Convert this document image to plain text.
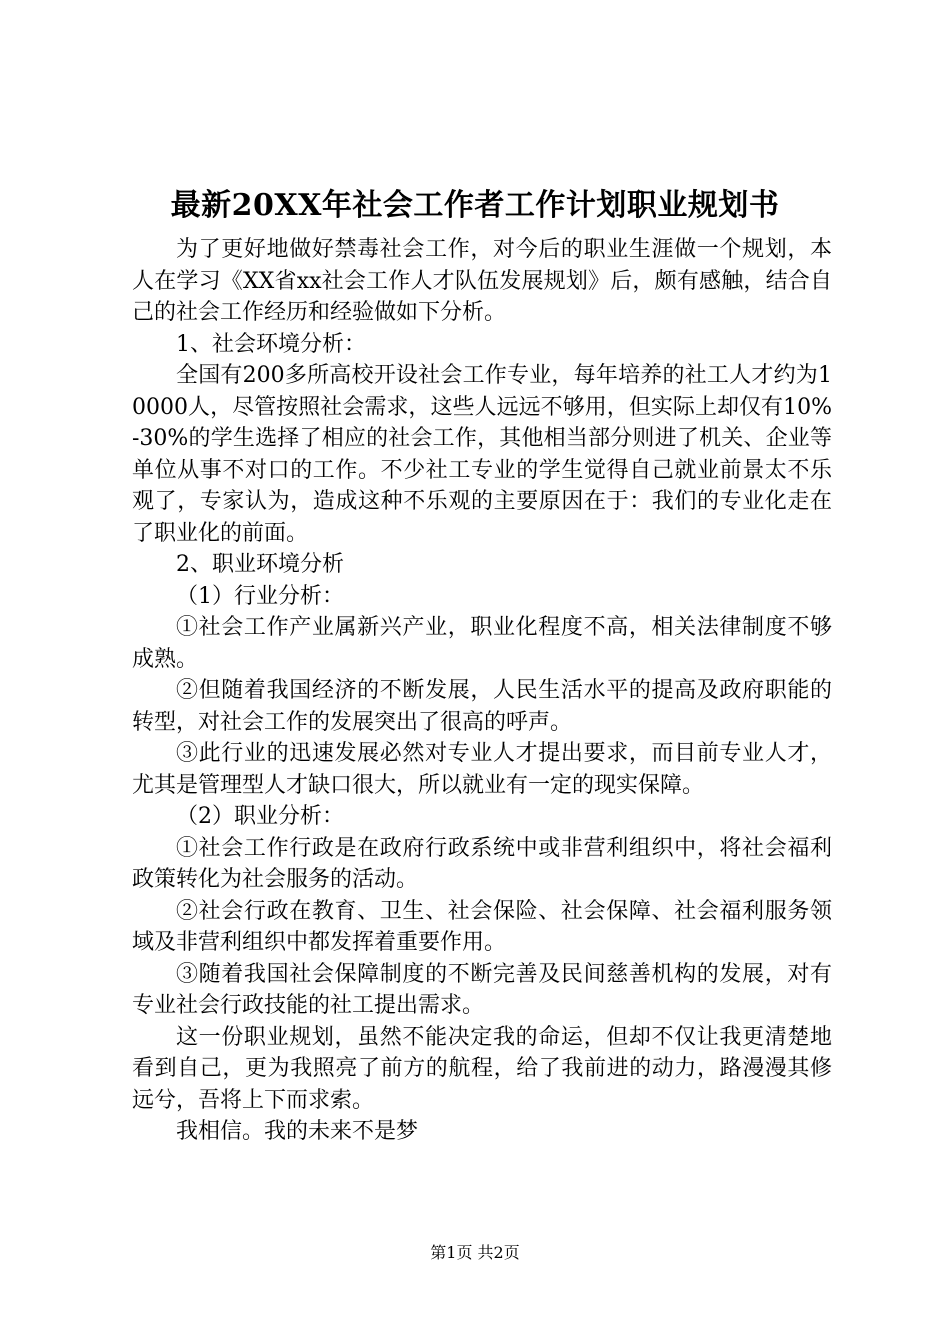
最新20XX年社会工作者工作计划职业规划书

为了更好地做好禁毒社会工作，对今后的职业生涯做一个规划，本人在学习《XX省xx社会工作人才队伍发展规划》后，颇有感触，结合自己的社会工作经历和经验做如下分析。

1、社会环境分析：

全国有200多所高校开设社会工作专业，每年培养的社工人才约为10000人，尽管按照社会需求，这些人远远不够用，但实际上却仅有10%-30%的学生选择了相应的社会工作，其他相当部分则进了机关、企业等单位从事不对口的工作。不少社工专业的学生觉得自己就业前景太不乐观了，专家认为，造成这种不乐观的主要原因在于：我们的专业化走在了职业化的前面。

2、职业环境分析

（1）行业分析：

①社会工作产业属新兴产业，职业化程度不高，相关法律制度不够成熟。

②但随着我国经济的不断发展，人民生活水平的提高及政府职能的转型，对社会工作的发展突出了很高的呼声。

③此行业的迅速发展必然对专业人才提出要求，而目前专业人才，尤其是管理型人才缺口很大，所以就业有一定的现实保障。

（2）职业分析：

①社会工作行政是在政府行政系统中或非营利组织中，将社会福利政策转化为社会服务的活动。

②社会行政在教育、卫生、社会保险、社会保障、社会福利服务领域及非营利组织中都发挥着重要作用。

③随着我国社会保障制度的不断完善及民间慈善机构的发展，对有专业社会行政技能的社工提出需求。

这一份职业规划，虽然不能决定我的命运，但却不仅让我更清楚地看到自己，更为我照亮了前方的航程，给了我前进的动力，路漫漫其修远兮，吾将上下而求索。

我相信。我的未来不是梦

第1页 共2页
